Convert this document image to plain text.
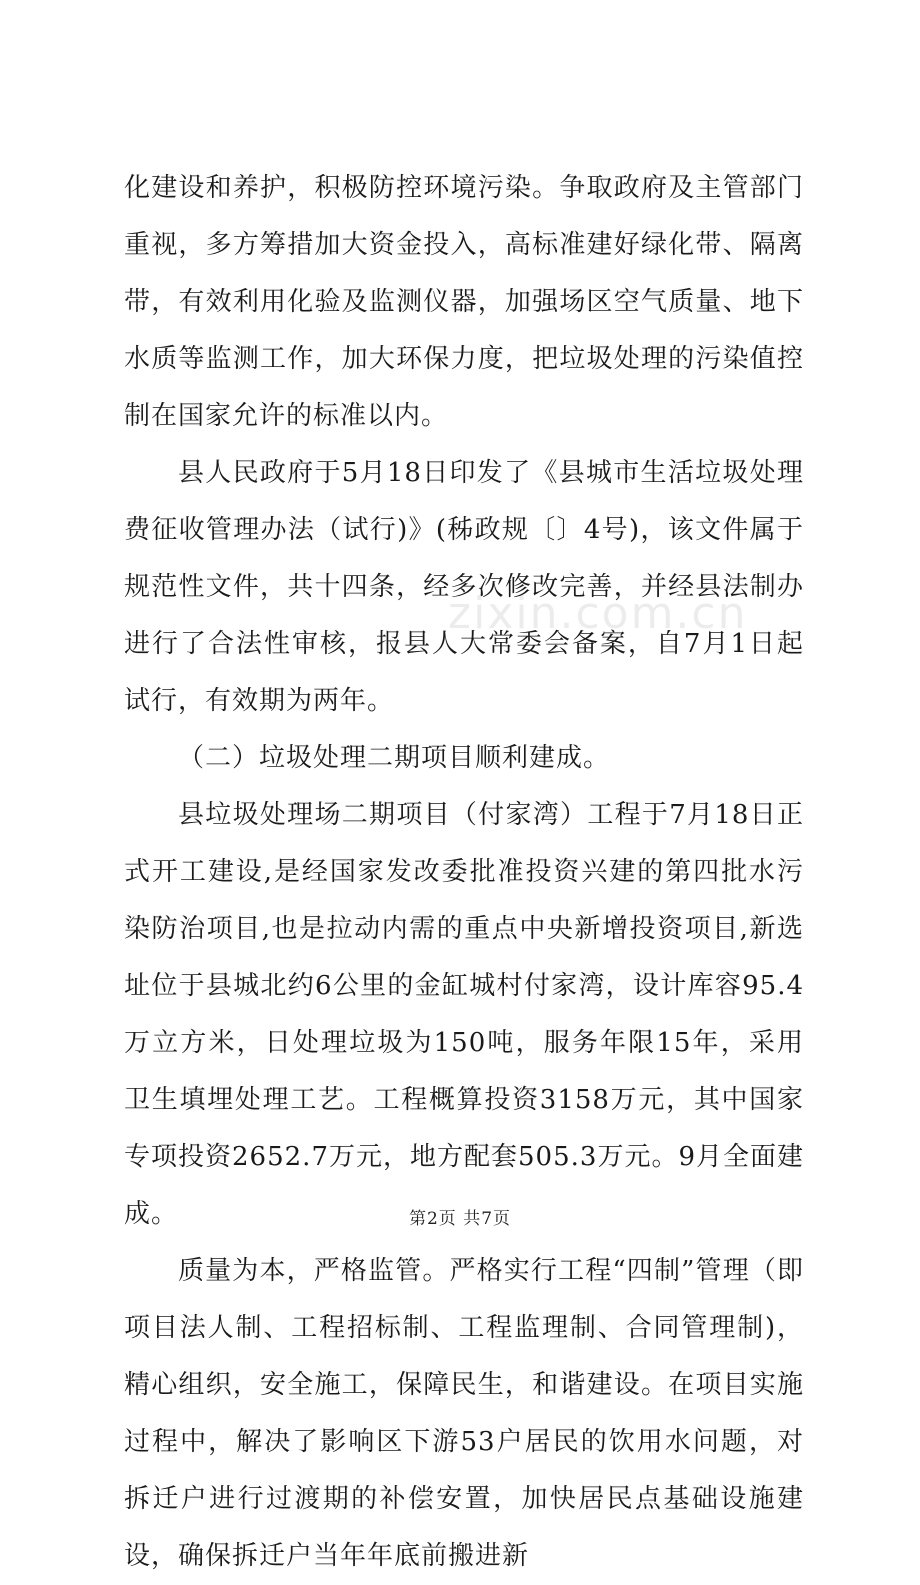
化建设和养护，积极防控环境污染。争取政府及主管部门重视，多方筹措加大资金投入，高标准建好绿化带、隔离带，有效利用化验及监测仪器，加强场区空气质量、地下水质等监测工作，加大环保力度，把垃圾处理的污染值控制在国家允许的标准以内。

县人民政府于5月18日印发了《县城市生活垃圾处理费征收管理办法（试行)》(秭政规〔〕4号)，该文件属于规范性文件，共十四条，经多次修改完善，并经县法制办进行了合法性审核，报县人大常委会备案，自7月1日起试行，有效期为两年。

（二）垃圾处理二期项目顺利建成。

县垃圾处理场二期项目（付家湾）工程于7月18日正式开工建设,是经国家发改委批准投资兴建的第四批水污染防治项目,也是拉动内需的重点中央新增投资项目,新选址位于县城北约6公里的金缸城村付家湾，设计库容95.4万立方米，日处理垃圾为150吨，服务年限15年，采用卫生填埋处理工艺。工程概算投资3158万元，其中国家专项投资2652.7万元，地方配套505.3万元。9月全面建成。

质量为本，严格监管。严格实行工程“四制”管理（即项目法人制、工程招标制、工程监理制、合同管理制)，精心组织，安全施工，保障民生，和谐建设。在项目实施过程中，解决了影响区下游53户居民的饮用水问题，对拆迁户进行过渡期的补偿安置，加快居民点基础设施建设，确保拆迁户当年年底前搬进新

zixin.com.cn
第2页 共7页
